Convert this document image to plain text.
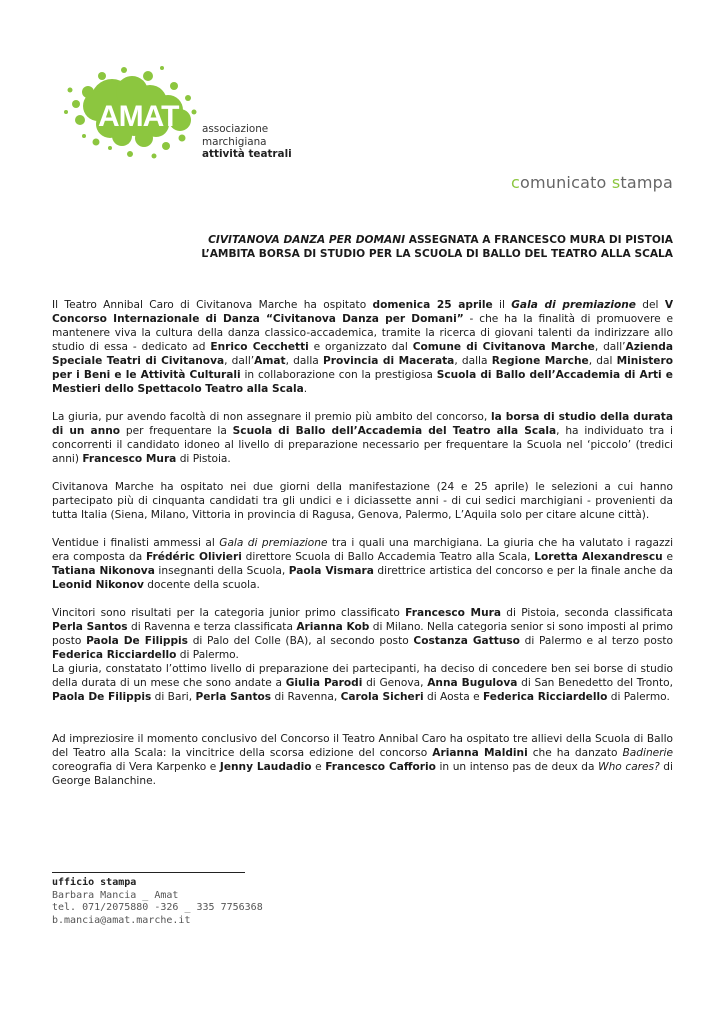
AMAT associazione
marchigiana
attività teatrali
comunicato stampa
CIVITANOVA DANZA PER DOMANI ASSEGNATA A FRANCESCO MURA DI PISTOIA
L’AMBITA BORSA DI STUDIO PER LA SCUOLA DI BALLO DEL TEATRO ALLA SCALA

Il Teatro Annibal Caro di Civitanova Marche ha ospitato domenica 25 aprile il Gala di premiazione del V Concorso Internazionale di Danza “Civitanova Danza per Domani” - che ha la finalità di promuovere e mantenere viva la cultura della danza classico-accademica, tramite la ricerca di giovani talenti da indirizzare allo studio di essa - dedicato ad Enrico Cecchetti e organizzato dal Comune di Civitanova Marche, dall’Azienda Speciale Teatri di Civitanova, dall’Amat, dalla Provincia di Macerata, dalla Regione Marche, dal Ministero per i Beni e le Attività Culturali in collaborazione con la prestigiosa Scuola di Ballo dell’Accademia di Arti e Mestieri dello Spettacolo Teatro alla Scala.

La giuria, pur avendo facoltà di non assegnare il premio più ambito del concorso, la borsa di studio della durata di un anno per frequentare la Scuola di Ballo dell’Accademia del Teatro alla Scala, ha individuato tra i concorrenti il candidato idoneo al livello di preparazione necessario per frequentare la Scuola nel ‘piccolo’ (tredici anni) Francesco Mura di Pistoia.

Civitanova Marche ha ospitato nei due giorni della manifestazione (24 e 25 aprile) le selezioni a cui hanno partecipato più di cinquanta candidati tra gli undici e i diciassette anni - di cui sedici marchigiani - provenienti da tutta Italia (Siena, Milano, Vittoria in provincia di Ragusa, Genova, Palermo, L’Aquila solo per citare alcune città).

Ventidue i finalisti ammessi al Gala di premiazione tra i quali una marchigiana. La giuria che ha valutato i ragazzi era composta da Frédéric Olivieri direttore Scuola di Ballo Accademia Teatro alla Scala, Loretta Alexandrescu e Tatiana Nikonova insegnanti della Scuola, Paola Vismara direttrice artistica del concorso e per la finale anche da Leonid Nikonov docente della scuola.

Vincitori sono risultati per la categoria junior primo classificato Francesco Mura di Pistoia, seconda classificata Perla Santos di Ravenna e terza classificata Arianna Kob di Milano. Nella categoria senior si sono imposti al primo posto Paola De Filippis di Palo del Colle (BA), al secondo posto Costanza Gattuso di Palermo e al terzo posto Federica Ricciardello di Palermo.

La giuria, constatato l’ottimo livello di preparazione dei partecipanti, ha deciso di concedere ben sei borse di studio della durata di un mese che sono andate a Giulia Parodi di Genova, Anna Bugulova di San Benedetto del Tronto, Paola De Filippis di Bari, Perla Santos di Ravenna, Carola Sicheri di Aosta e Federica Ricciardello di Palermo.

Ad impreziosire il momento conclusivo del Concorso il Teatro Annibal Caro ha ospitato tre allievi della Scuola di Ballo del Teatro alla Scala: la vincitrice della scorsa edizione del concorso Arianna Maldini che ha danzato Badinerie coreografia di Vera Karpenko e Jenny Laudadio e Francesco Cafforio in un intenso pas de deux da Who cares? di George Balanchine.

ufficio stampa
Barbara Mancia _ Amat
tel. 071/2075880 -326 _ 335 7756368
b.mancia@amat.marche.it
